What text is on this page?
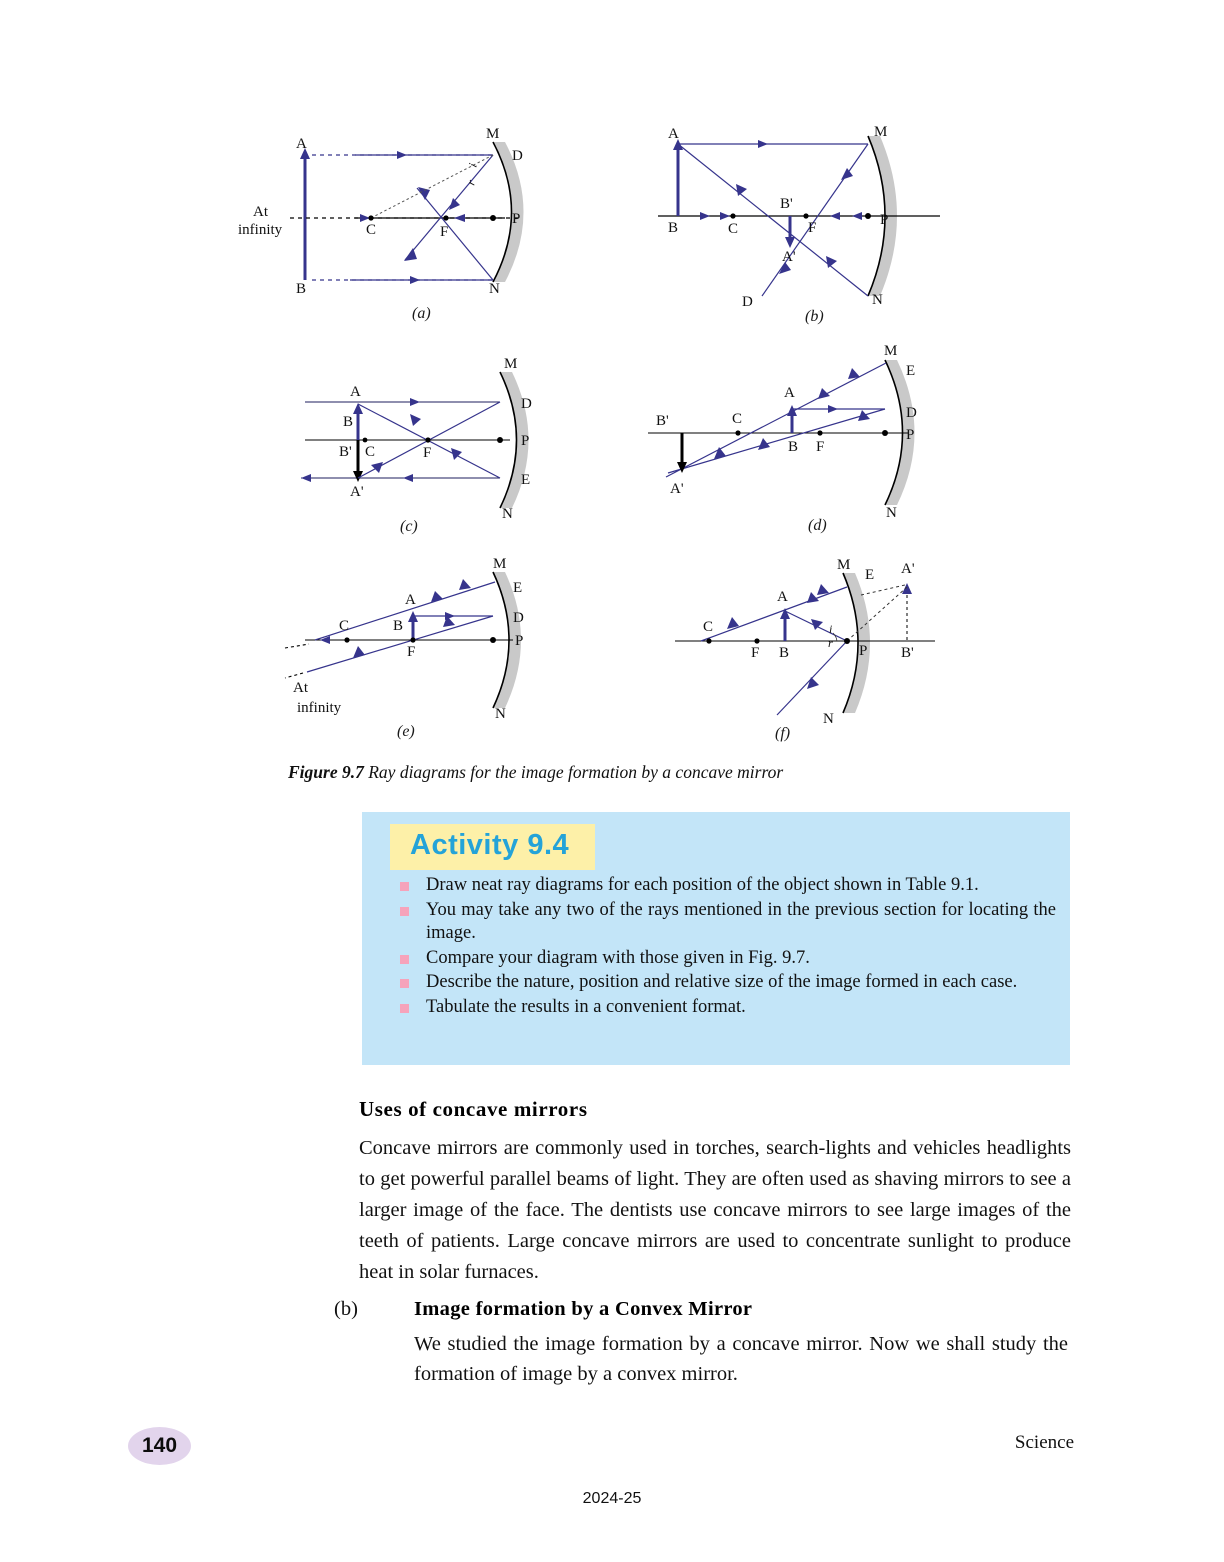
A
B
C	F
P
M
N
D
i
r
At
infinity
(a)
A
B	C	F	P
M
N
B'
A'
D
(b)
A
B
B' C	F
P
M
N
D
E
A'
(c)
A
B
C
F
P
M
N
E
D
B'
A'
(d)
A
B
C
F
P
M
N
E
D
At
infinity
(e)
A
B
C
F	P
M
N
E A'
B'
i
r
(f)
Figure 9.7 Ray diagrams for the image formation by a concave mirror
Activity 9.4
Draw neat ray diagrams for each position of the object shown in Table 9.1.
You may take any two of the rays mentioned in the previous section for locating the image.
Compare your diagram with those given in Fig. 9.7.
Describe the nature, position and relative size of the image formed in each case.
Tabulate the results in a convenient format.
Uses of concave mirrors
Concave mirrors are commonly used in torches, search-lights and vehicles headlights to get powerful parallel beams of light. They are often used as shaving mirrors to see a larger image of the face. The dentists use concave mirrors to see large images of the teeth of patients. Large concave mirrors are used to concentrate sunlight to produce heat in solar furnaces.
(b)	Image formation by a Convex Mirror
We studied the image formation by a concave mirror. Now we shall study the formation of image by a convex mirror.
140	Science
2024-25
